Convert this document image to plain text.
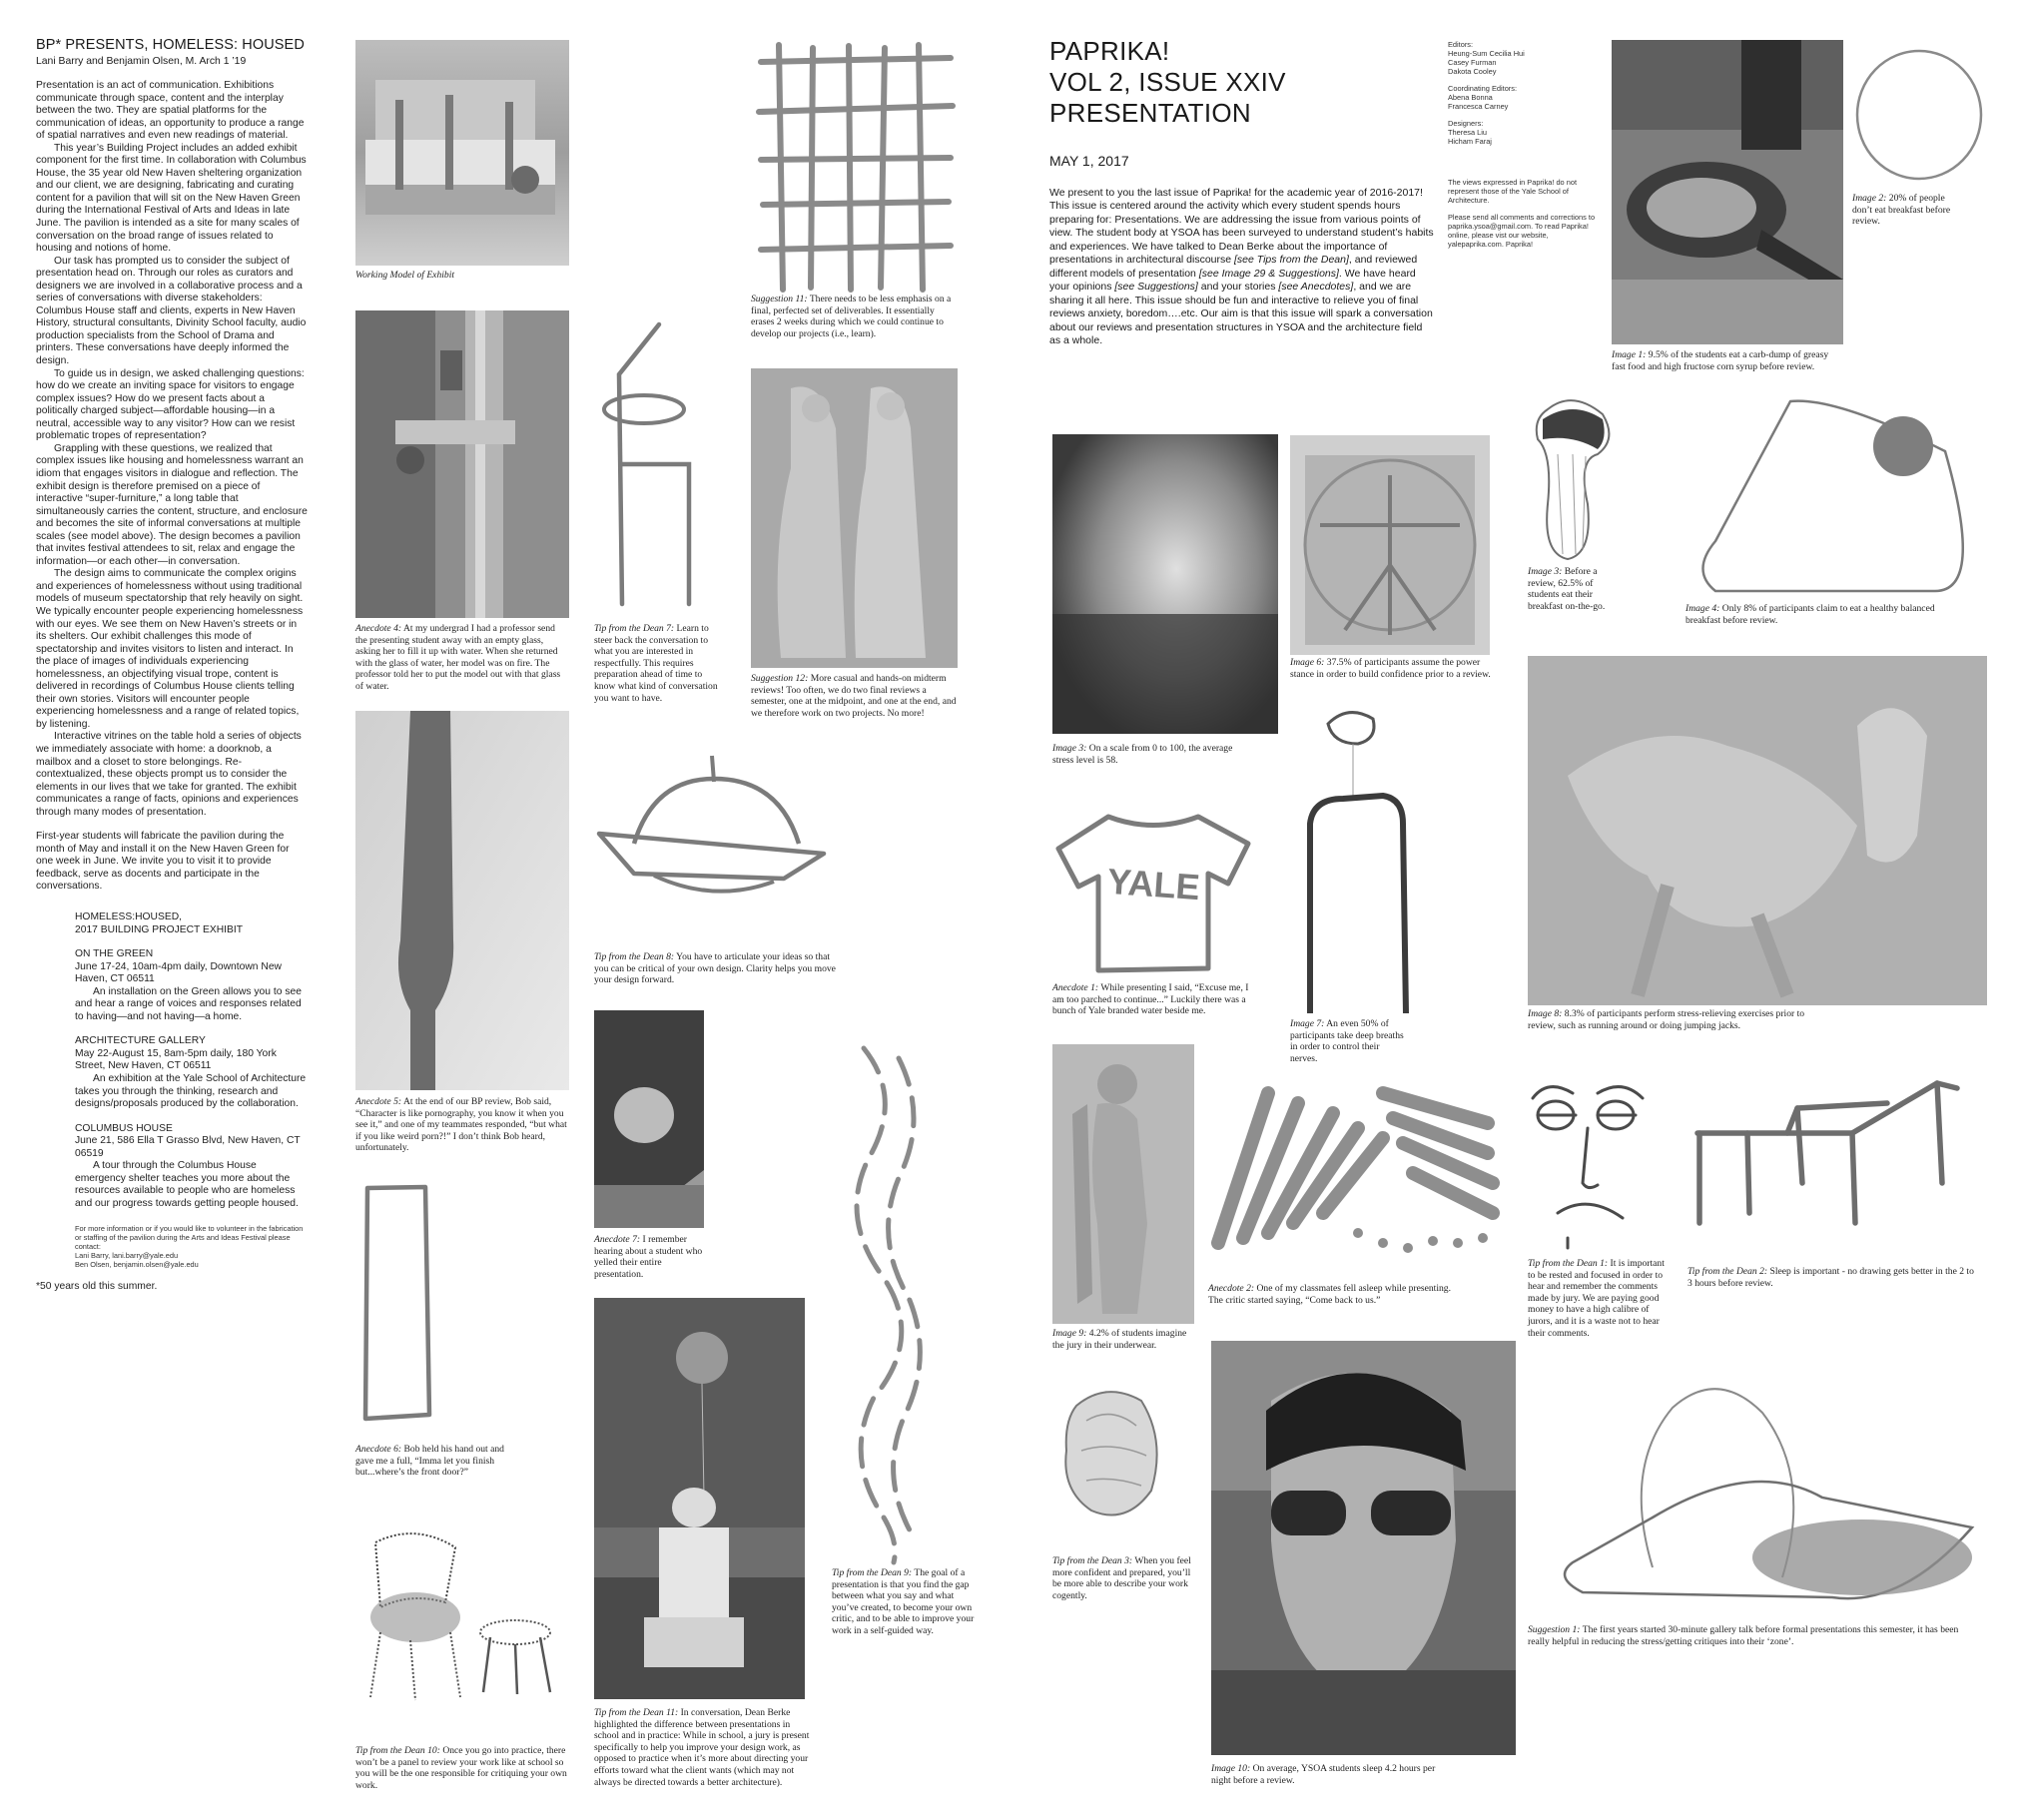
BP* PRESENTS, HOMELESS: HOUSED
Lani Barry and Benjamin Olsen, M. Arch 1 ’19

Presentation is an act of communication. Exhibitions communicate through space, content and the interplay between the two. They are spatial platforms for the communication of ideas, an opportunity to produce a range of spatial narratives and even new readings of material.

This year’s Building Project includes an added exhibit component for the first time. In collaboration with Columbus House, the 35 year old New Haven sheltering organization and our client, we are designing, fabricating and curating content for a pavilion that will sit on the New Haven Green during the International Festival of Arts and Ideas in late June. The pavilion is intended as a site for many scales of conversation on the broad range of issues related to housing and notions of home.

Our task has prompted us to consider the subject of presentation head on. Through our roles as curators and designers we are involved in a collaborative process and a series of conversations with diverse stakeholders: Columbus House staff and clients, experts in New Haven History, structural consultants, Divinity School faculty, audio production specialists from the School of Drama and printers. These conversations have deeply informed the design.

To guide us in design, we asked challenging questions: how do we create an inviting space for visitors to engage complex issues? How do we present facts about a politically charged subject—affordable housing—in a neutral, accessible way to any visitor? How can we resist problematic tropes of representation?

Grappling with these questions, we realized that complex issues like housing and homelessness warrant an idiom that engages visitors in dialogue and reflection. The exhibit design is therefore premised on a piece of interactive “super-furniture,” a long table that simultaneously carries the content, structure, and enclosure and becomes the site of informal conversations at multiple scales (see model above). The design becomes a pavilion that invites festival attendees to sit, relax and engage the information—or each other—in conversation.

The design aims to communicate the complex origins and experiences of homelessness without using traditional models of museum spectatorship that rely heavily on sight. We typically encounter people experiencing homelessness with our eyes. We see them on New Haven’s streets or in its shelters. Our exhibit challenges this mode of spectatorship and invites visitors to listen and interact. In the place of images of individuals experiencing homelessness, an objectifying visual trope, content is delivered in recordings of Columbus House clients telling their own stories. Visitors will encounter people experiencing homelessness and a range of related topics, by listening.

Interactive vitrines on the table hold a series of objects we immediately associate with home: a doorknob, a mailbox and a closet to store belongings. Re-contextualized, these objects prompt us to consider the elements in our lives that we take for granted. The exhibit communicates a range of facts, opinions and experiences through many modes of presentation.

First-year students will fabricate the pavilion during the month of May and install it on the New Haven Green for one week in June. We invite you to visit it to provide feedback, serve as docents and participate in the conversations.

HOMELESS:HOUSED,
2017 BUILDING PROJECT EXHIBIT
ON THE GREEN
June 17-24, 10am-4pm daily, Downtown New Haven, CT 06511
An installation on the Green allows you to see and hear a range of voices and responses related to having—and not having—a home.
ARCHITECTURE GALLERY
May 22-August 15, 8am-5pm daily, 180 York Street, New Haven, CT 06511
An exhibition at the Yale School of Architecture takes you through the thinking, research and designs/proposals produced by the collaboration.
COLUMBUS HOUSE
June 21, 586 Ella T Grasso Blvd, New Haven, CT 06519
A tour through the Columbus House emergency shelter teaches you more about the resources available to people who are homeless and our progress towards getting people housed.
For more information or if you would like to volunteer in the fabrication or staffing of the pavilion during the Arts and Ideas Festival please contact:
Lani Barry, lani.barry@yale.edu
Ben Olsen, benjamin.olsen@yale.edu
*50 years old this summer.
Working Model of Exhibit
Anecdote 4: At my undergrad I had a professor send the presenting student away with an empty glass, asking her to fill it up with water. When she returned with the glass of water, her model was on fire. The professor told her to put the model out with that glass of water.
Anecdote 5: At the end of our BP review, Bob said, “Character is like pornography, you know it when you see it,” and one of my teammates responded, “but what if you like weird porn?!” I don’t think Bob heard, unfortunately.
Anecdote 6: Bob held his hand out and gave me a full, “Imma let you finish but...where’s the front door?”
Tip from the Dean 10: Once you go into practice, there won’t be a panel to review your work like at school so you will be the one responsible for critiquing your own work.
Tip from the Dean 7: Learn to steer back the conversation to what you are interested in respectfully. This requires preparation ahead of time to know what kind of conversation you want to have.
Tip from the Dean 8: You have to articulate your ideas so that you can be critical of your own design. Clarity helps you move your design forward.
Anecdote 7: I remember hearing about a student who yelled their entire presentation.
Tip from the Dean 11: In conversation, Dean Berke highlighted the difference between presentations in school and in practice: While in school, a jury is present specifically to help you improve your design work, as opposed to practice when it’s more about directing your efforts toward what the client wants (which may not always be directed towards a better architecture).
Suggestion 11: There needs to be less emphasis on a final, perfected set of deliverables. It essentially erases 2 weeks during which we could continue to develop our projects (i.e., learn).
Suggestion 12: More casual and hands-on midterm reviews! Too often, we do two final reviews a semester, one at the midpoint, and one at the end, and we therefore work on two projects. No more!
Tip from the Dean 9: The goal of a presentation is that you find the gap between what you say and what you’ve created, to become your own critic, and to be able to improve your work in a self-guided way.
PAPRIKA!
VOL 2, ISSUE XXIV
PRESENTATION
MAY 1, 2017
We present to you the last issue of Paprika! for the academic year of 2016-2017! This issue is centered around the activity which every student spends hours preparing for: Presentations. We are addressing the issue from various points of view. The student body at YSOA has been surveyed to understand student’s habits and experiences. We have talked to Dean Berke about the importance of presentations in architectural discourse [see Tips from the Dean], and reviewed different models of presentation [see Image 29 & Suggestions]. We have heard your opinions [see Suggestions] and your stories [see Anecdotes], and we are sharing it all here. This issue should be fun and interactive to relieve you of final reviews anxiety, boredom….etc. Our aim is that this issue will spark a conversation about our reviews and presentation structures in YSOA and the architecture field as a whole.
Editors:
Heung-Sum Cecilia Hui
Casey Furman
Dakota Cooley
Coordinating Editors:
Abena Bonna
Francesca Carney
Designers:
Theresa Liu
Hicham Faraj
The views expressed in Paprika! do not represent those of the Yale School of Architecture.
Please send all comments and corrections to paprika.ysoa@gmail.com. To read Paprika! online, please vist our website, yalepaprika.com. Paprika!
Image 1: 9.5% of the students eat a carb-dump of greasy fast food and high fructose corn syrup before review.
Image 2: 20% of people don’t eat breakfast before review.
Image 3: On a scale from 0 to 100, the average stress level is 58.
Image 6: 37.5% of participants assume the power stance in order to build confidence prior to a review.
Image 3: Before a review, 62.5% of students eat their breakfast on-the-go.	Image 4: Only 8% of participants claim to eat a healthy balanced breakfast before review.
Image 8: 8.3% of participants perform stress-relieving exercises prior to review, such as running around or doing jumping jacks.
YALE
Anecdote 1: While presenting I said, “Excuse me, I am too parched to continue...” Luckily there was a bunch of Yale branded water beside me.
Image 7: An even 50% of participants take deep breaths in order to control their nerves.
Image 9: 4.2% of students imagine the jury in their underwear.
Anecdote 2: One of my classmates fell asleep while presenting. The critic started saying, “Come back to us.”
Tip from the Dean 1: It is important to be rested and focused in order to hear and remember the comments made by jury. We are paying good money to have a high calibre of jurors, and it is a waste not to hear their comments.
Tip from the Dean 2: Sleep is important - no drawing gets better in the 2 to 3 hours before review.
Tip from the Dean 3: When you feel more confident and prepared, you’ll be more able to describe your work cogently.
Image 10: On average, YSOA students sleep 4.2 hours per night before a review.
Suggestion 1: The first years started 30-minute gallery talk before formal presentations this semester, it has been really helpful in reducing the stress/getting critiques into their ‘zone’.
